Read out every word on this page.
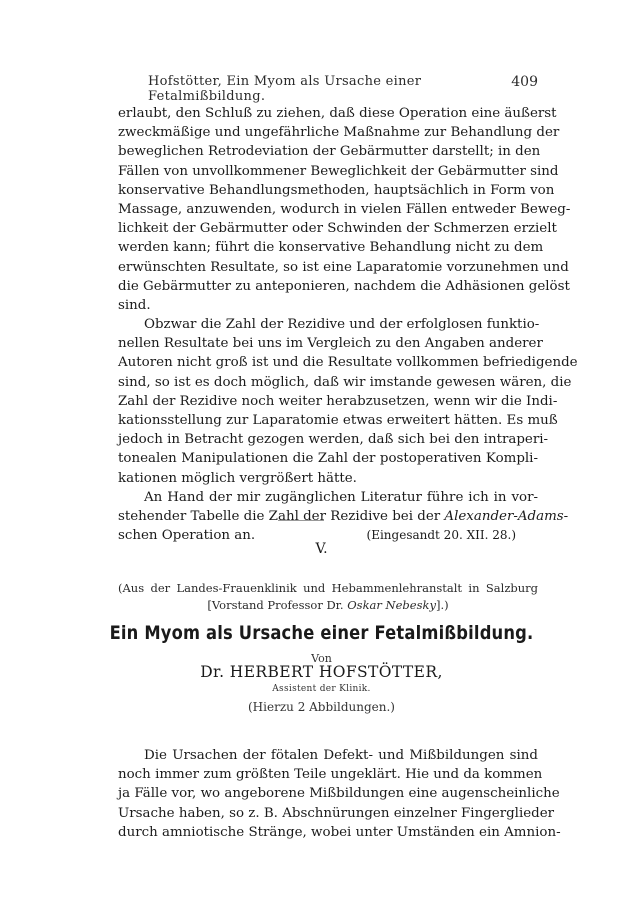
Hofstötter, Ein Myom als Ursache einer Fetalmißbildung.
409
erlaubt, den Schluß zu ziehen, daß diese Operation eine äußerst
zweckmäßige und ungefährliche Maßnahme zur Behandlung der
beweglichen Retrodeviation der Gebärmutter darstellt; in den
Fällen von unvollkommener Beweglichkeit der Gebärmutter sind
konservative Behandlungsmethoden, hauptsächlich in Form von
Massage, anzuwenden, wodurch in vielen Fällen entweder Beweg-
lichkeit der Gebärmutter oder Schwinden der Schmerzen erzielt
werden kann; führt die konservative Behandlung nicht zu dem
erwünschten Resultate, so ist eine Laparatomie vorzunehmen und
die Gebärmutter zu anteponieren, nachdem die Adhäsionen gelöst
sind.
Obzwar die Zahl der Rezidive und der erfolglosen funktio-
nellen Resultate bei uns im Vergleich zu den Angaben anderer
Autoren nicht groß ist und die Resultate vollkommen befriedigende
sind, so ist es doch möglich, daß wir imstande gewesen wären, die
Zahl der Rezidive noch weiter herabzusetzen, wenn wir die Indi-
kationsstellung zur Laparatomie etwas erweitert hätten. Es muß
jedoch in Betracht gezogen werden, daß sich bei den intraperi-
tonealen Manipulationen die Zahl der postoperativen Kompli-
kationen möglich vergrößert hätte.
An Hand der mir zugänglichen Literatur führe ich in vor-
stehender Tabelle die Zahl der Rezidive bei der Alexander-Adams-
schen Operation an.	(Eingesandt 20. XII. 28.)
V.
(Aus der Landes-Frauenklinik und Hebammenlehranstalt in Salzburg
[Vorstand Professor Dr. Oskar Nebesky].)
Ein Myom als Ursache einer Fetalmißbildung.
Von
Dr. HERBERT HOFSTÖTTER,
Assistent der Klinik.
(Hierzu 2 Abbildungen.)
Die Ursachen der fötalen Defekt- und Mißbildungen sind
noch immer zum größten Teile ungeklärt. Hie und da kommen
ja Fälle vor, wo angeborene Mißbildungen eine augenscheinliche
Ursache haben, so z. B. Abschnürungen einzelner Fingerglieder
durch amniotische Stränge, wobei unter Umständen ein Amnion-
